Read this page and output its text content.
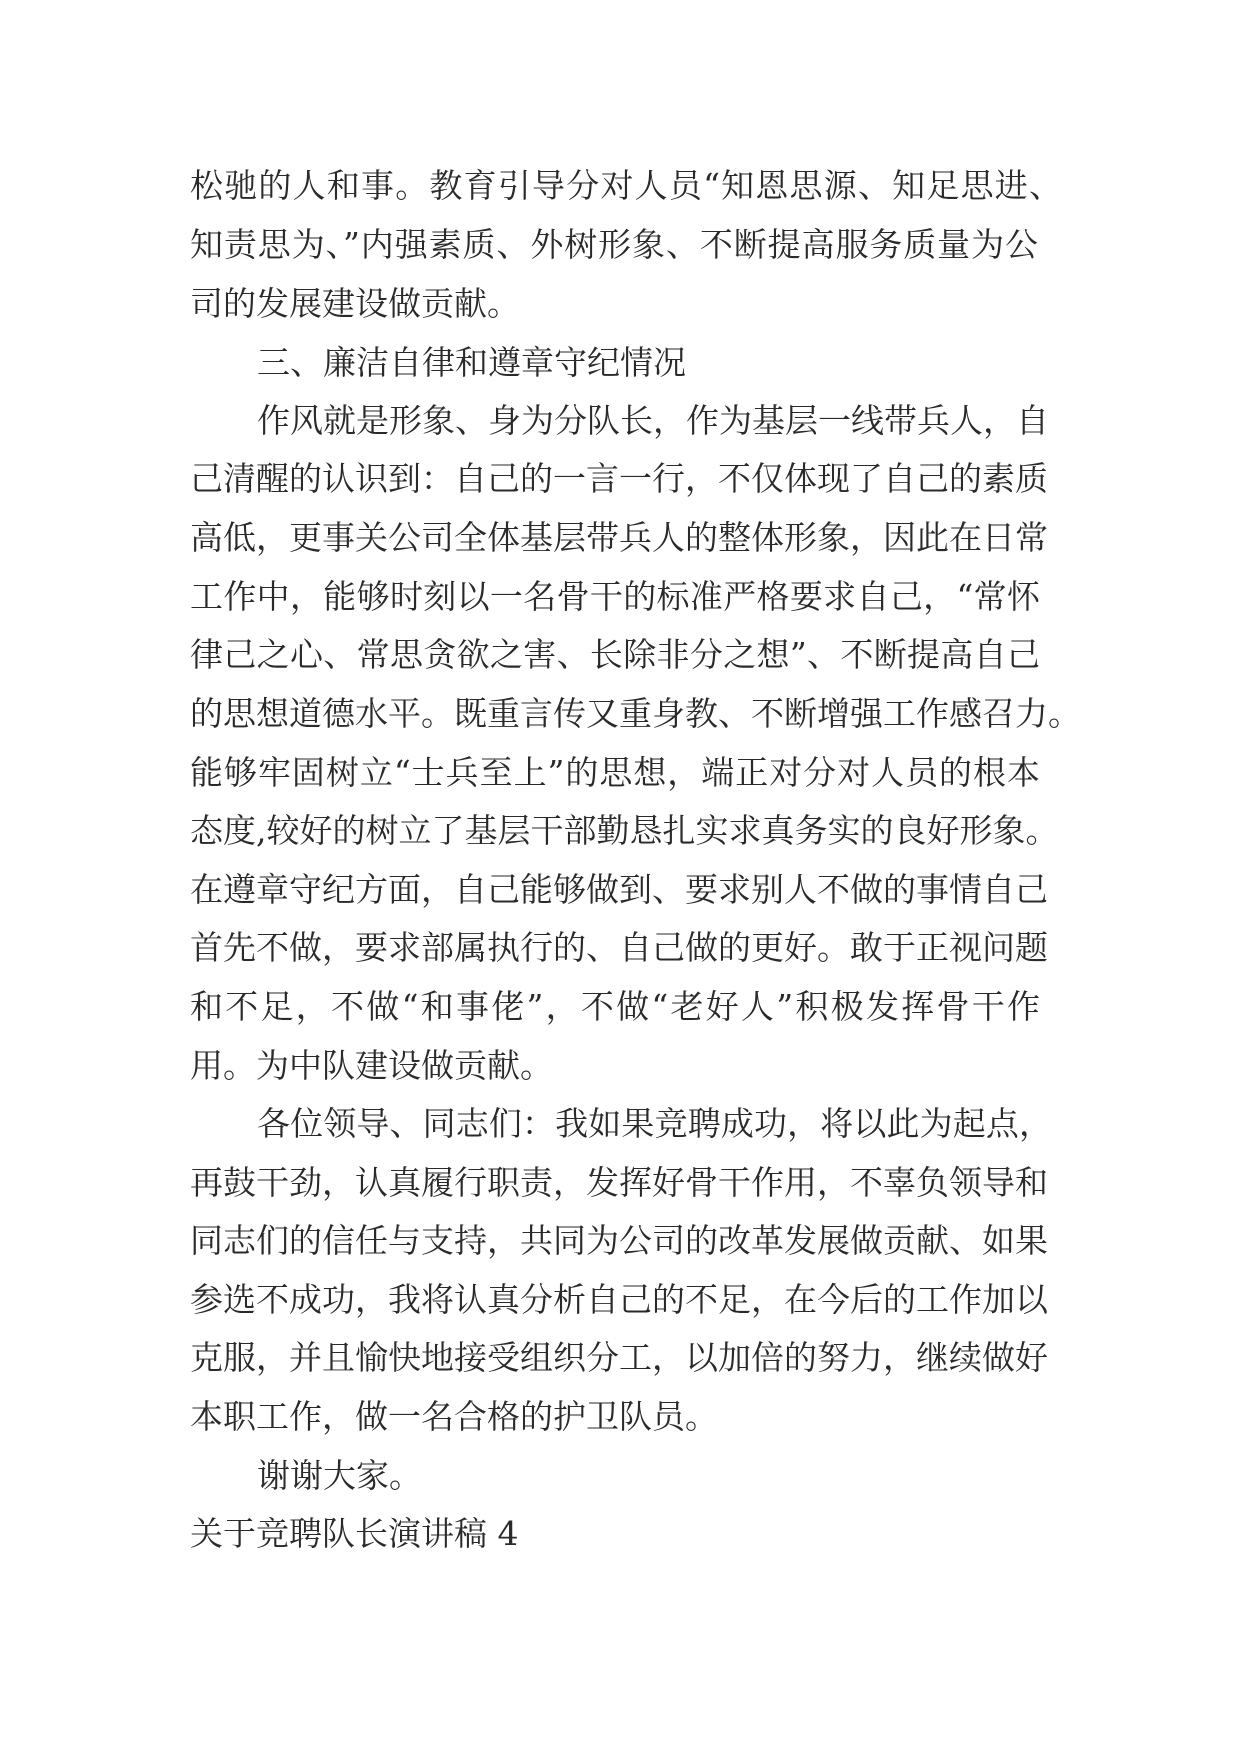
松驰的人和事。教育引导分对人员“知恩思源、知足思进、
知责思为、”内强素质、外树形象、不断提高服务质量为公
司的发展建设做贡献。
三、廉洁自律和遵章守纪情况
作风就是形象、身为分队长，作为基层一线带兵人，自
己清醒的认识到：自己的一言一行，不仅体现了自己的素质
高低，更事关公司全体基层带兵人的整体形象，因此在日常
工作中，能够时刻以一名骨干的标准严格要求自己，“常怀
律己之心、常思贪欲之害、长除非分之想”、不断提高自己
的思想道德水平。既重言传又重身教、不断增强工作感召力。
能够牢固树立“士兵至上”的思想，端正对分对人员的根本
态度,较好的树立了基层干部勤恳扎实求真务实的良好形象。
在遵章守纪方面，自己能够做到、要求别人不做的事情自己
首先不做，要求部属执行的、自己做的更好。敢于正视问题
和不足，不做“和事佬”，不做“老好人”积极发挥骨干作
用。为中队建设做贡献。
各位领导、同志们：我如果竞聘成功，将以此为起点，
再鼓干劲，认真履行职责，发挥好骨干作用，不辜负领导和
同志们的信任与支持，共同为公司的改革发展做贡献、如果
参选不成功，我将认真分析自己的不足，在今后的工作加以
克服，并且愉快地接受组织分工，以加倍的努力，继续做好
本职工作，做一名合格的护卫队员。
谢谢大家。
关于竞聘队长演讲稿 4
